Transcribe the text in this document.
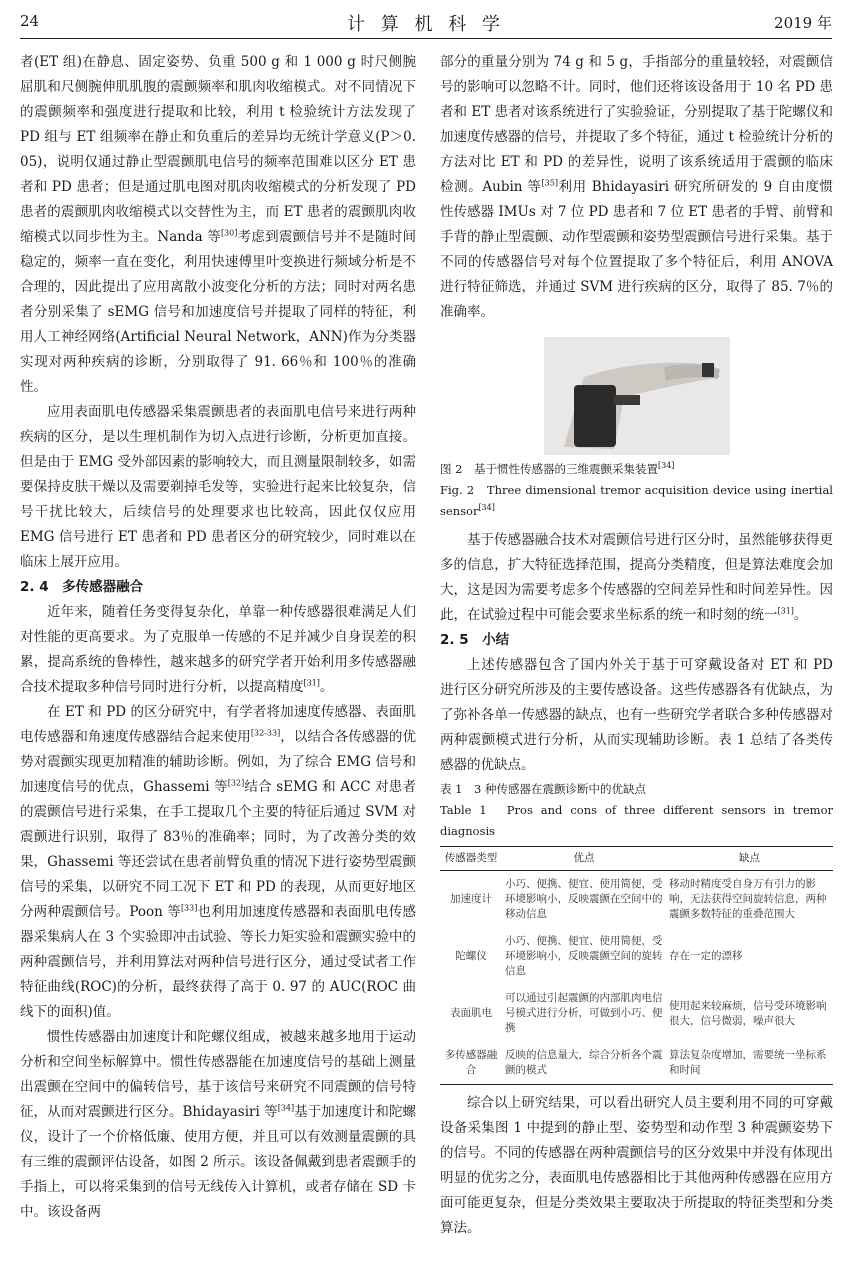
24	计 算 机 科 学	2019 年

者(ET 组)在静息、固定姿势、负重 500 g 和 1 000 g 时尺侧腕屈肌和尺侧腕伸肌肌腹的震颤频率和肌肉收缩模式。对不同情况下的震颤频率和强度进行提取和比较，利用 t 检验统计方法发现了 PD 组与 ET 组频率在静止和负重后的差异均无统计学意义(P＞0. 05)，说明仅通过静止型震颤肌电信号的频率范围难以区分 ET 患者和 PD 患者；但是通过肌电图对肌肉收缩模式的分析发现了 PD 患者的震颤肌肉收缩模式以交替性为主，而 ET 患者的震颤肌肉收缩模式以同步性为主。Nanda 等[30]考虑到震颤信号并不是随时间稳定的，频率一直在变化，利用快速傅里叶变换进行频域分析是不合理的，因此提出了应用离散小波变化分析的方法；同时对两名患者分别采集了 sEMG 信号和加速度信号并提取了同样的特征，利用人工神经网络(Artificial Neural Network，ANN)作为分类器实现对两种疾病的诊断，分别取得了 91. 66％和 100％的准确性。

应用表面肌电传感器采集震颤患者的表面肌电信号来进行两种疾病的区分，是以生理机制作为切入点进行诊断，分析更加直接。但是由于 EMG 受外部因素的影响较大，而且测量限制较多，如需要保持皮肤干燥以及需要剃掉毛发等，实验进行起来比较复杂，信号干扰比较大，后续信号的处理要求也比较高，因此仅仅应用 EMG 信号进行 ET 患者和 PD 患者区分的研究较少，同时难以在临床上展开应用。

2. 4　多传感器融合

近年来，随着任务变得复杂化，单靠一种传感器很难满足人们对性能的更高要求。为了克服单一传感的不足并减少自身误差的积累，提高系统的鲁棒性，越来越多的研究学者开始利用多传感器融合技术提取多种信号同时进行分析，以提高精度[31]。

在 ET 和 PD 的区分研究中，有学者将加速度传感器、表面肌电传感器和角速度传感器结合起来使用[32-33]，以结合各传感器的优势对震颤实现更加精准的辅助诊断。例如，为了综合 EMG 信号和加速度信号的优点，Ghassemi 等[32]结合 sEMG 和 ACC 对患者的震颤信号进行采集，在手工提取几个主要的特征后通过 SVM 对震颤进行识别，取得了 83％的准确率；同时，为了改善分类的效果，Ghassemi 等还尝试在患者前臂负重的情况下进行姿势型震颤信号的采集，以研究不同工况下 ET 和 PD 的表现，从而更好地区分两种震颤信号。Poon 等[33]也利用加速度传感器和表面肌电传感器采集病人在 3 个实验即冲击试验、等长力矩实验和震颤实验中的两种震颤信号，并利用算法对两种信号进行区分，通过受试者工作特征曲线(ROC)的分析，最终获得了高于 0. 97 的 AUC(ROC 曲线下的面积)值。

惯性传感器由加速度计和陀螺仪组成，被越来越多地用于运动分析和空间坐标解算中。惯性传感器能在加速度信号的基础上测量出震颤在空间中的偏转信号，基于该信号来研究不同震颤的信号特征，从而对震颤进行区分。Bhidayasiri 等[34]基于加速度计和陀螺仪，设计了一个价格低廉、使用方便，并且可以有效测量震颤的具有三维的震颤评估设备，如图 2 所示。该设备佩戴到患者震颤手的手指上，可以将采集到的信号无线传入计算机，或者存储在 SD 卡中。该设备两

部分的重量分别为 74 g 和 5 g，手指部分的重量较轻，对震颤信号的影响可以忽略不计。同时，他们还将该设备用于 10 名 PD 患者和 ET 患者对该系统进行了实验验证，分别提取了基于陀螺仪和加速度传感器的信号，并提取了多个特征，通过 t 检验统计分析的方法对比 ET 和 PD 的差异性，说明了该系统适用于震颤的临床检测。Aubin 等[35]利用 Bhidayasiri 研究所研发的 9 自由度惯性传感器 IMUs 对 7 位 PD 患者和 7 位 ET 患者的手臂、前臂和手背的静止型震颤、动作型震颤和姿势型震颤信号进行采集。基于不同的传感器信号对每个位置提取了多个特征后，利用 ANOVA 进行特征筛选，并通过 SVM 进行疾病的区分，取得了 85. 7％的准确率。

图 2　基于惯性传感器的三维震颤采集装置[34]

Fig. 2　Three dimensional tremor acquisition device using inertial sensor[34]

基于传感器融合技术对震颤信号进行区分时，虽然能够获得更多的信息，扩大特征选择范围，提高分类精度，但是算法难度会加大，这是因为需要考虑多个传感器的空间差异性和时间差异性。因此，在试验过程中可能会要求坐标系的统一和时刻的统一[31]。

2. 5　小结

上述传感器包含了国内外关于基于可穿戴设备对 ET 和 PD 进行区分研究所涉及的主要传感设备。这些传感器各有优缺点，为了弥补各单一传感器的缺点，也有一些研究学者联合多种传感器对两种震颤模式进行分析，从而实现辅助诊断。表 1 总结了各类传感器的优缺点。

表 1　3 种传感器在震颤诊断中的优缺点

Table 1　Pros and cons of three different sensors in tremor diagnosis

传感器类型	优点	缺点
加速度计	小巧、便携、便宜、使用简便，受环境影响小，反映震颤在空间中的移动信息	移动时精度受自身万有引力的影响，无法获得空间旋转信息，两种震颤多数特征的重叠范围大
陀螺仪	小巧、便携、便宜、使用简便，受环境影响小，反映震颤空间的旋转信息	存在一定的漂移
表面肌电	可以通过引起震颤的内部肌肉电信号模式进行分析，可做到小巧、便携	使用起来较麻烦，信号受环境影响很大，信号微弱，噪声很大
多传感器融合	反映的信息量大，综合分析各个震颤的模式	算法复杂度增加，需要统一坐标系和时间

综合以上研究结果，可以看出研究人员主要利用不同的可穿戴设备采集图 1 中提到的静止型、姿势型和动作型 3 种震颤姿势下的信号。不同的传感器在两种震颤信号的区分效果中并没有体现出明显的优劣之分，表面肌电传感器相比于其他两种传感器在应用方面可能更复杂，但是分类效果主要取决于所提取的特征类型和分类算法。
